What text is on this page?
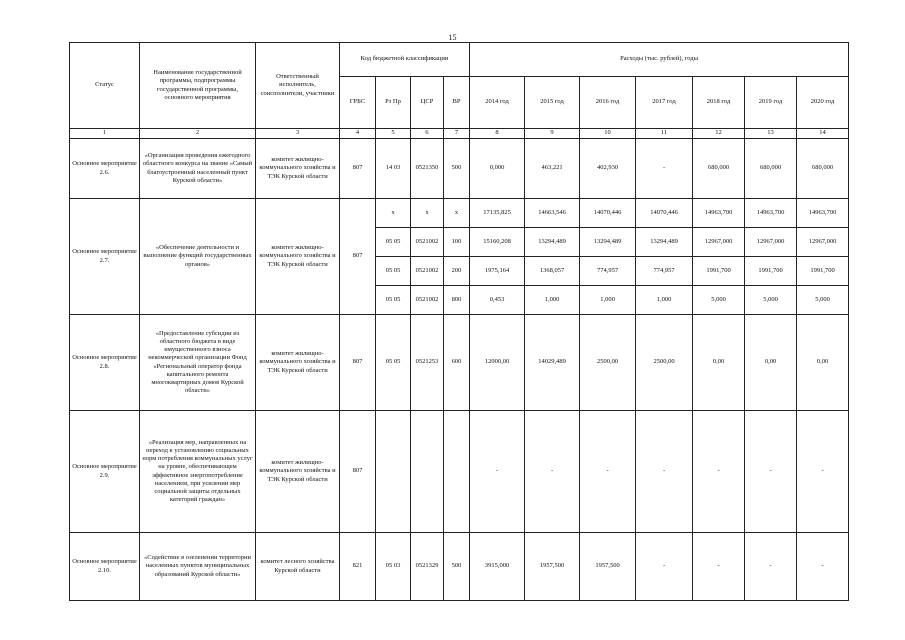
15
Статус	Наименование государственной программы, подпрограммы государственной программы, основного мероприятия	Ответственный исполнитель, соисполнители, участники	Код бюджетной классификации				Расходы (тыс. рублей), годы						
			ГРБС	Рз Пр	ЦСР	ВР	2014 год	2015 год	2016 год	2017 год	2018 год	2019 год	2020 год
1	2	3	4	5	6	7	8	9	10	11	12	13	14
Основное мероприятие 2.6.	«Организация проведения ежегодного областного конкурса на звание «Самый благоустроенный населенный пункт Курской области»	комитет жилищно-коммунального хозяйства и ТЭК Курской области	807	14 03	0521350	500	0,000	463,221	402,930	-	680,000	680,000	680,000
Основное мероприятие 2.7.	«Обеспечение деятельности и выполнение функций государственных органов»	комитет жилищно-коммунального хозяйства и ТЭК Курской области	807	х	х	х	17135,825	14663,546	14070,446	14070,446	14963,700	14963,700	14963,700
				05 05	0521002	100	15160,208	13294,489	13294,489	13294,489	12967,000	12967,000	12967,000
				05 05	0521002	200	1975,164	1368,057	774,957	774,957	1991,700	1991,700	1991,700
				05 05	0521002	800	0,453	1,000	1,000	1,000	5,000	5,000	5,000
Основное мероприятие 2.8.	«Предоставление субсидии из областного бюджета в виде имущественного взноса некоммерческой организации Фонд «Региональный оператор фонда капитального ремонта многоквартирных домов Курской области»	комитет жилищно-коммунального хозяйства и ТЭК Курской области	807	05 05	0521253	600	12000,00	14029,489	2500,00	2500,00	0,00	0,00	0,00
Основное мероприятие 2.9.	«Реализация мер, направленных на переход к установлению социальных норм потребления коммунальных услуг на уровне, обеспечивающем эффективное энергопотребление населением, при усилении мер социальной защиты отдельных категорий граждан»	комитет жилищно-коммунального хозяйства и ТЭК Курской области	807				-	-	-	-	-	-	-
Основное мероприятие 2.10.	«Содействие в озеленении территории населенных пунктов муниципальных образований Курской области»	комитет лесного хозяйства Курской области	821	05 03	0521329	500	3915,000	1957,500	1957,500	-	-	-	-
